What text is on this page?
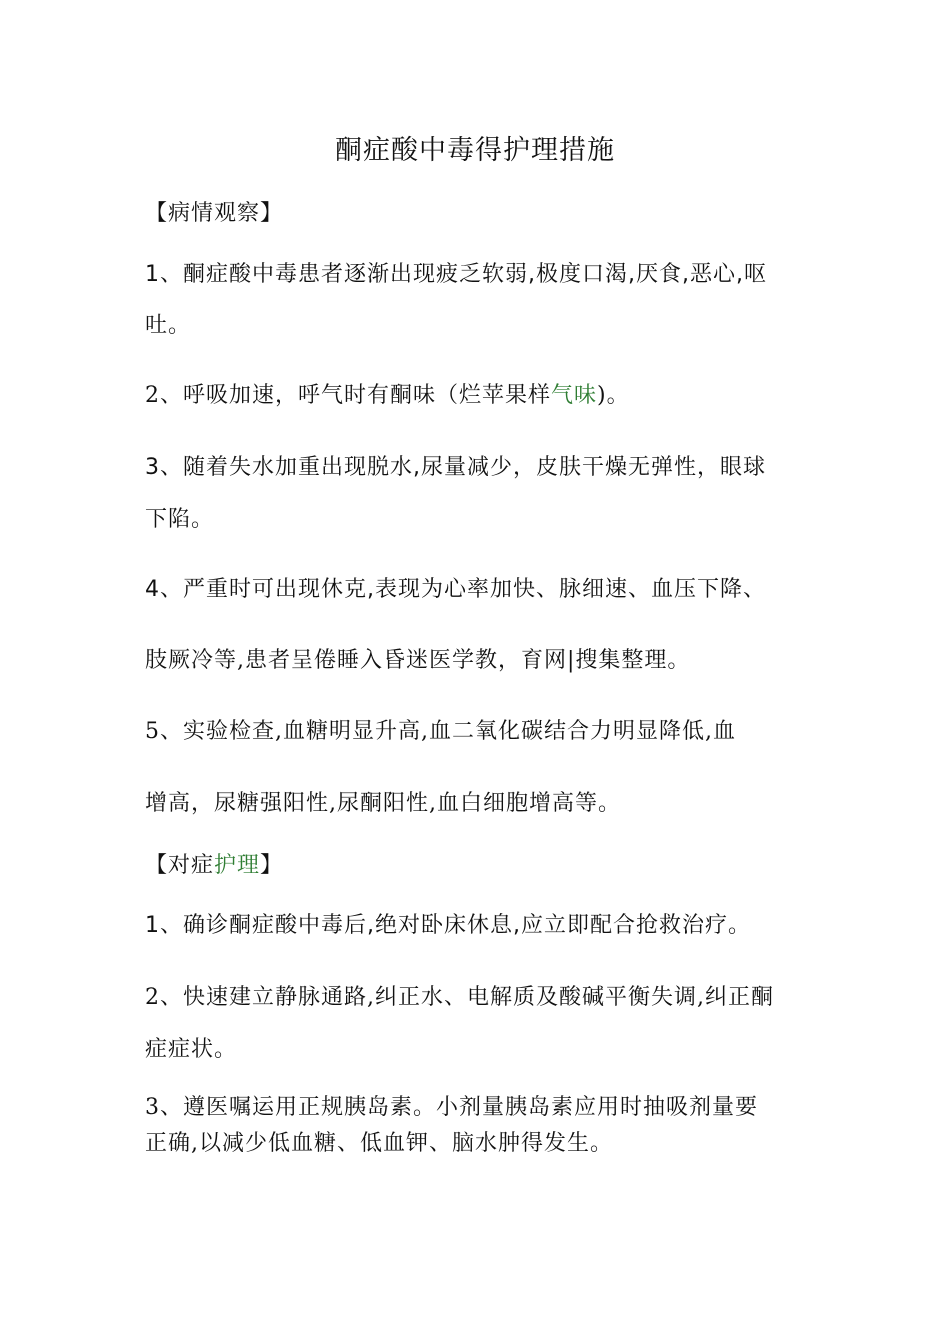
酮症酸中毒得护理措施
【病情观察】
1、酮症酸中毒患者逐渐出现疲乏软弱,极度口渴,厌食,恶心,呕
吐。
2、呼吸加速，呼气时有酮味（烂苹果样气味)。
3、随着失水加重出现脱水,尿量减少，皮肤干燥无弹性，眼球
下陷。
4、严重时可出现休克,表现为心率加快、脉细速、血压下降、
肢厥冷等,患者呈倦睡入昏迷医学教，育网|搜集整理。
5、实验检查,血糖明显升高,血二氧化碳结合力明显降低,血
增高，尿糖强阳性,尿酮阳性,血白细胞增高等。
【对症护理】
1、确诊酮症酸中毒后,绝对卧床休息,应立即配合抢救治疗。
2、快速建立静脉通路,纠正水、电解质及酸碱平衡失调,纠正酮
症症状。
3、遵医嘱运用正规胰岛素。小剂量胰岛素应用时抽吸剂量要
正确,以减少低血糖、低血钾、脑水肿得发生。
